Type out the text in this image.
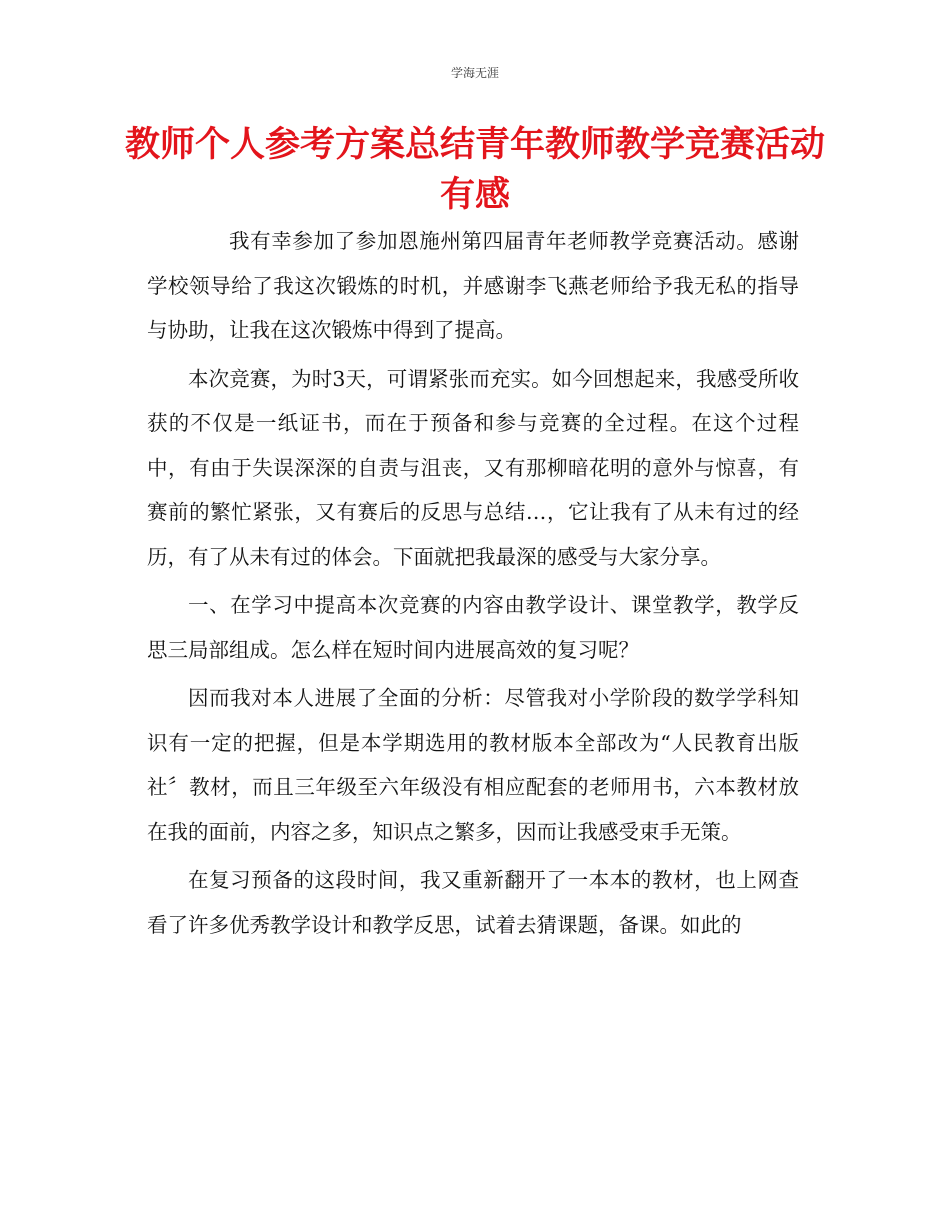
学海无涯
教师个人参考方案总结青年教师教学竞赛活动有感

我有幸参加了参加恩施州第四届青年老师教学竞赛活动。感谢学校领导给了我这次锻炼的时机，并感谢李飞燕老师给予我无私的指导与协助，让我在这次锻炼中得到了提高。

本次竞赛，为时3天，可谓紧张而充实。如今回想起来，我感受所收获的不仅是一纸证书，而在于预备和参与竞赛的全过程。在这个过程中，有由于失误深深的自责与沮丧，又有那柳暗花明的意外与惊喜，有赛前的繁忙紧张，又有赛后的反思与总结…，它让我有了从未有过的经历，有了从未有过的体会。下面就把我最深的感受与大家分享。

一、在学习中提高本次竞赛的内容由教学设计、课堂教学，教学反思三局部组成。怎么样在短时间内进展高效的复习呢？

因而我对本人进展了全面的分析：尽管我对小学阶段的数学学科知识有一定的把握，但是本学期选用的教材版本全部改为“人民教育出版社〞教材，而且三年级至六年级没有相应配套的老师用书，六本教材放在我的面前，内容之多，知识点之繁多，因而让我感受束手无策。

在复习预备的这段时间，我又重新翻开了一本本的教材，也上网查看了许多优秀教学设计和教学反思，试着去猜课题，备课。如此的
